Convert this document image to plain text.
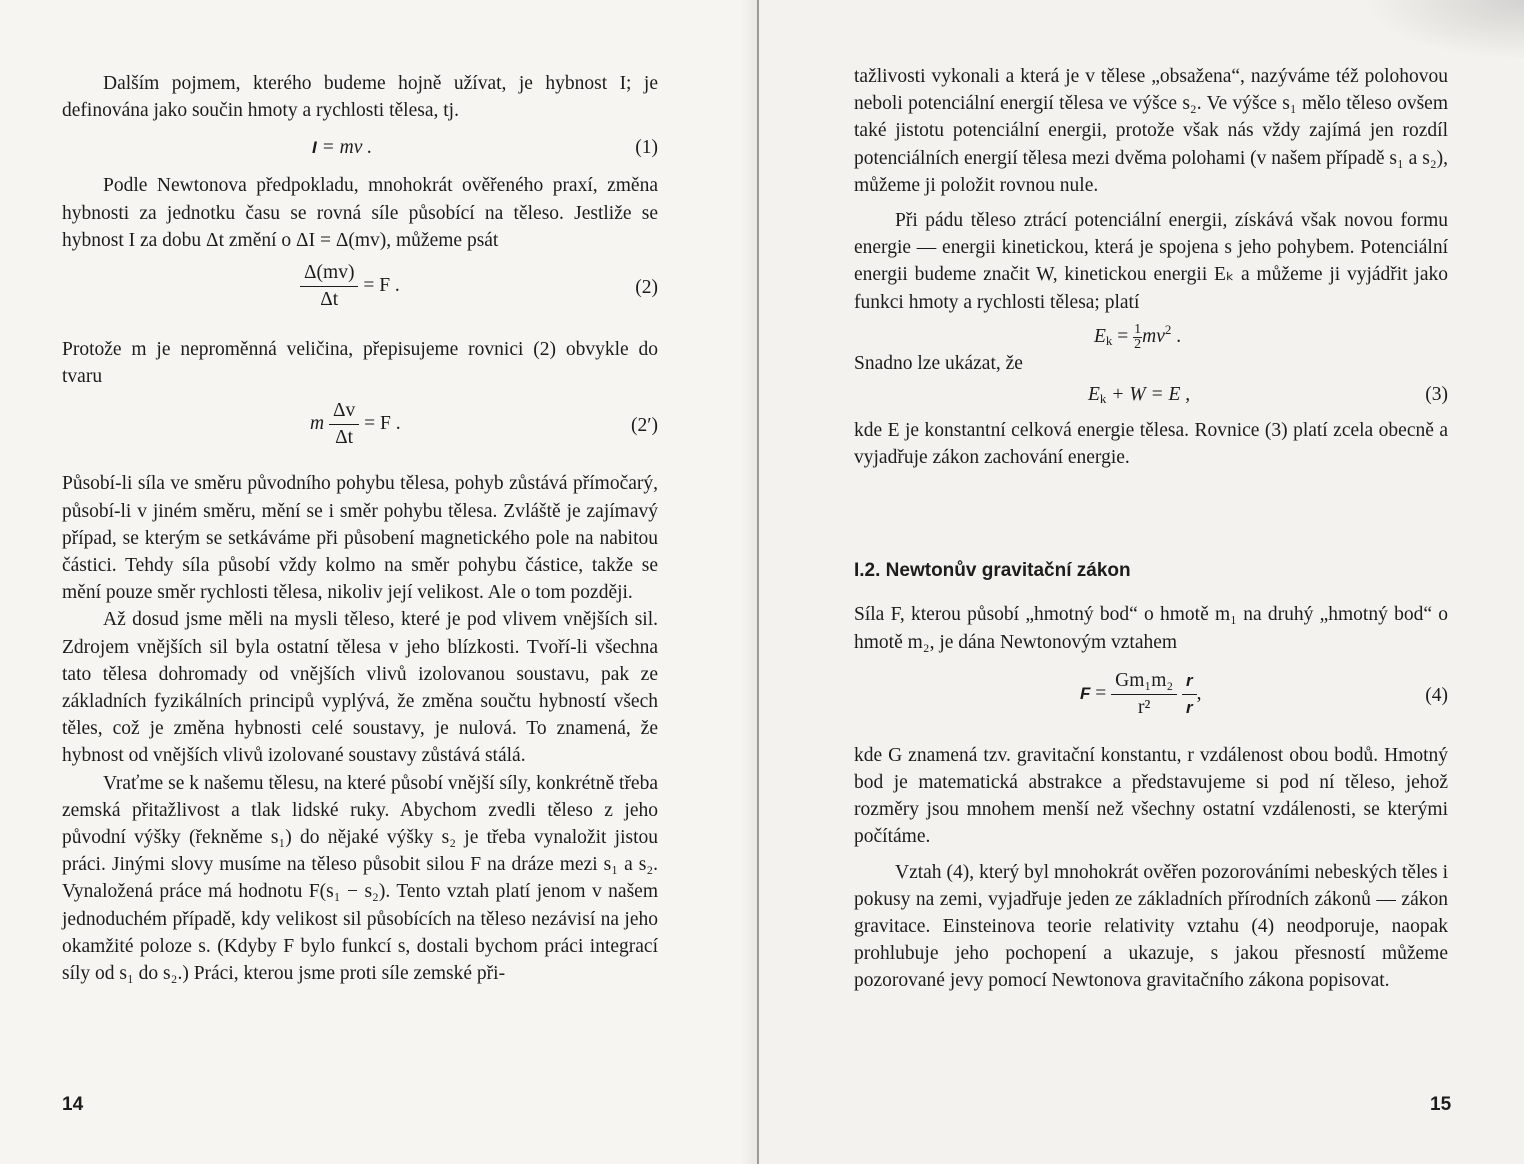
Dalším pojmem, kterého budeme hojně užívat, je hybnost I; je definována jako součin hmoty a rychlosti tělesa, tj.

I = mv .	(1)

Podle Newtonova předpokladu, mnohokrát ověřeného praxí, změna hybnosti za jednotku času se rovná síle působící na těleso. Jestliže se hybnost I za dobu Δt změní o ΔI = Δ(mv), můžeme psát

$\frac{\Delta(mv)}{\Delta t} = F$ .	(2)

Protože m je neproměnná veličina, přepisujeme rovnici (2) obvykle do tvaru

m $\frac{\Delta v}{\Delta t} = F$ .	(2′)

Působí-li síla ve směru původního pohybu tělesa, pohyb zůstává přímočarý, působí-li v jiném směru, mění se i směr pohybu tělesa. Zvláště je zajímavý případ, se kterým se setkáváme při působení magnetického pole na nabitou částici. Tehdy síla působí vždy kolmo na směr pohybu částice, takže se mění pouze směr rychlosti tělesa, nikoliv její velikost. Ale o tom později.

Až dosud jsme měli na mysli těleso, které je pod vlivem vnějších sil. Zdrojem vnějších sil byla ostatní tělesa v jeho blízkosti. Tvoří-li všechna tato tělesa dohromady od vnějších vlivů izolovanou soustavu, pak ze základních fyzikálních principů vyplývá, že změna součtu hybností všech těles, což je změna hybnosti celé soustavy, je nulová. To znamená, že hybnost od vnějších vlivů izolované soustavy zůstává stálá.

Vraťme se k našemu tělesu, na které působí vnější síly, konkrétně třeba zemská přitažlivost a tlak lidské ruky. Abychom zvedli těleso z jeho původní výšky (řekněme s₁) do nějaké výšky s₂ je třeba vynaložit jistou práci. Jinými slovy musíme na těleso působit silou F na dráze mezi s₁ a s₂. Vynaložená práce má hodnotu F(s₁ − s₂). Tento vztah platí jenom v našem jednoduchém případě, kdy velikost sil působících na těleso nezávisí na jeho okamžité poloze s. (Kdyby F bylo funkcí s, dostali bychom práci integrací síly od s₁ do s₂.) Práci, kterou jsme proti síle zemské při-

14

tažlivosti vykonali a která je v tělese „obsažena“, nazýváme též polohovou neboli potenciální energií tělesa ve výšce s₂. Ve výšce s₁ mělo těleso ovšem také jistotu potenciální energii, protože však nás vždy zajímá jen rozdíl potenciálních energií tělesa mezi dvěma polohami (v našem případě s₁ a s₂), můžeme ji položit rovnou nule.

Při pádu těleso ztrácí potenciální energii, získává však novou formu energie — energii kinetickou, která je spojena s jeho pohybem. Potenciální energii budeme značit W, kinetickou energii Eₖ a můžeme ji vyjádřit jako funkci hmoty a rychlosti tělesa; platí

$E_k = \frac{1}{2} mv^2$ .

Snadno lze ukázat, že

$E_k + W = E$ ,	(3)

kde E je konstantní celková energie tělesa. Rovnice (3) platí zcela obecně a vyjadřuje zákon zachování energie.

I.2. Newtonův gravitační zákon

Síla F, kterou působí „hmotný bod“ o hmotě m₁ na druhý „hmotný bod“ o hmotě m₂, je dána Newtonovým vztahem

$F = \frac{\text{Gm₁m₂}}{\text{r²}}$
$\frac{r}{r}$ ,	(4)

kde G znamená tzv. gravitační konstantu, r vzdálenost obou bodů. Hmotný bod je matematická abstrakce a představujeme si pod ní těleso, jehož rozměry jsou mnohem menší než všechny ostatní vzdálenosti, se kterými počítáme.

Vztah (4), který byl mnohokrát ověřen pozorováními nebeských těles i pokusy na zemi, vyjadřuje jeden ze základních přírodních zákonů — zákon gravitace. Einsteinova teorie relativity vztahu (4) neodporuje, naopak prohlubuje jeho pochopení a ukazuje, s jakou přesností můžeme pozorované jevy pomocí Newtonova gravitačního zákona popisovat.

15
